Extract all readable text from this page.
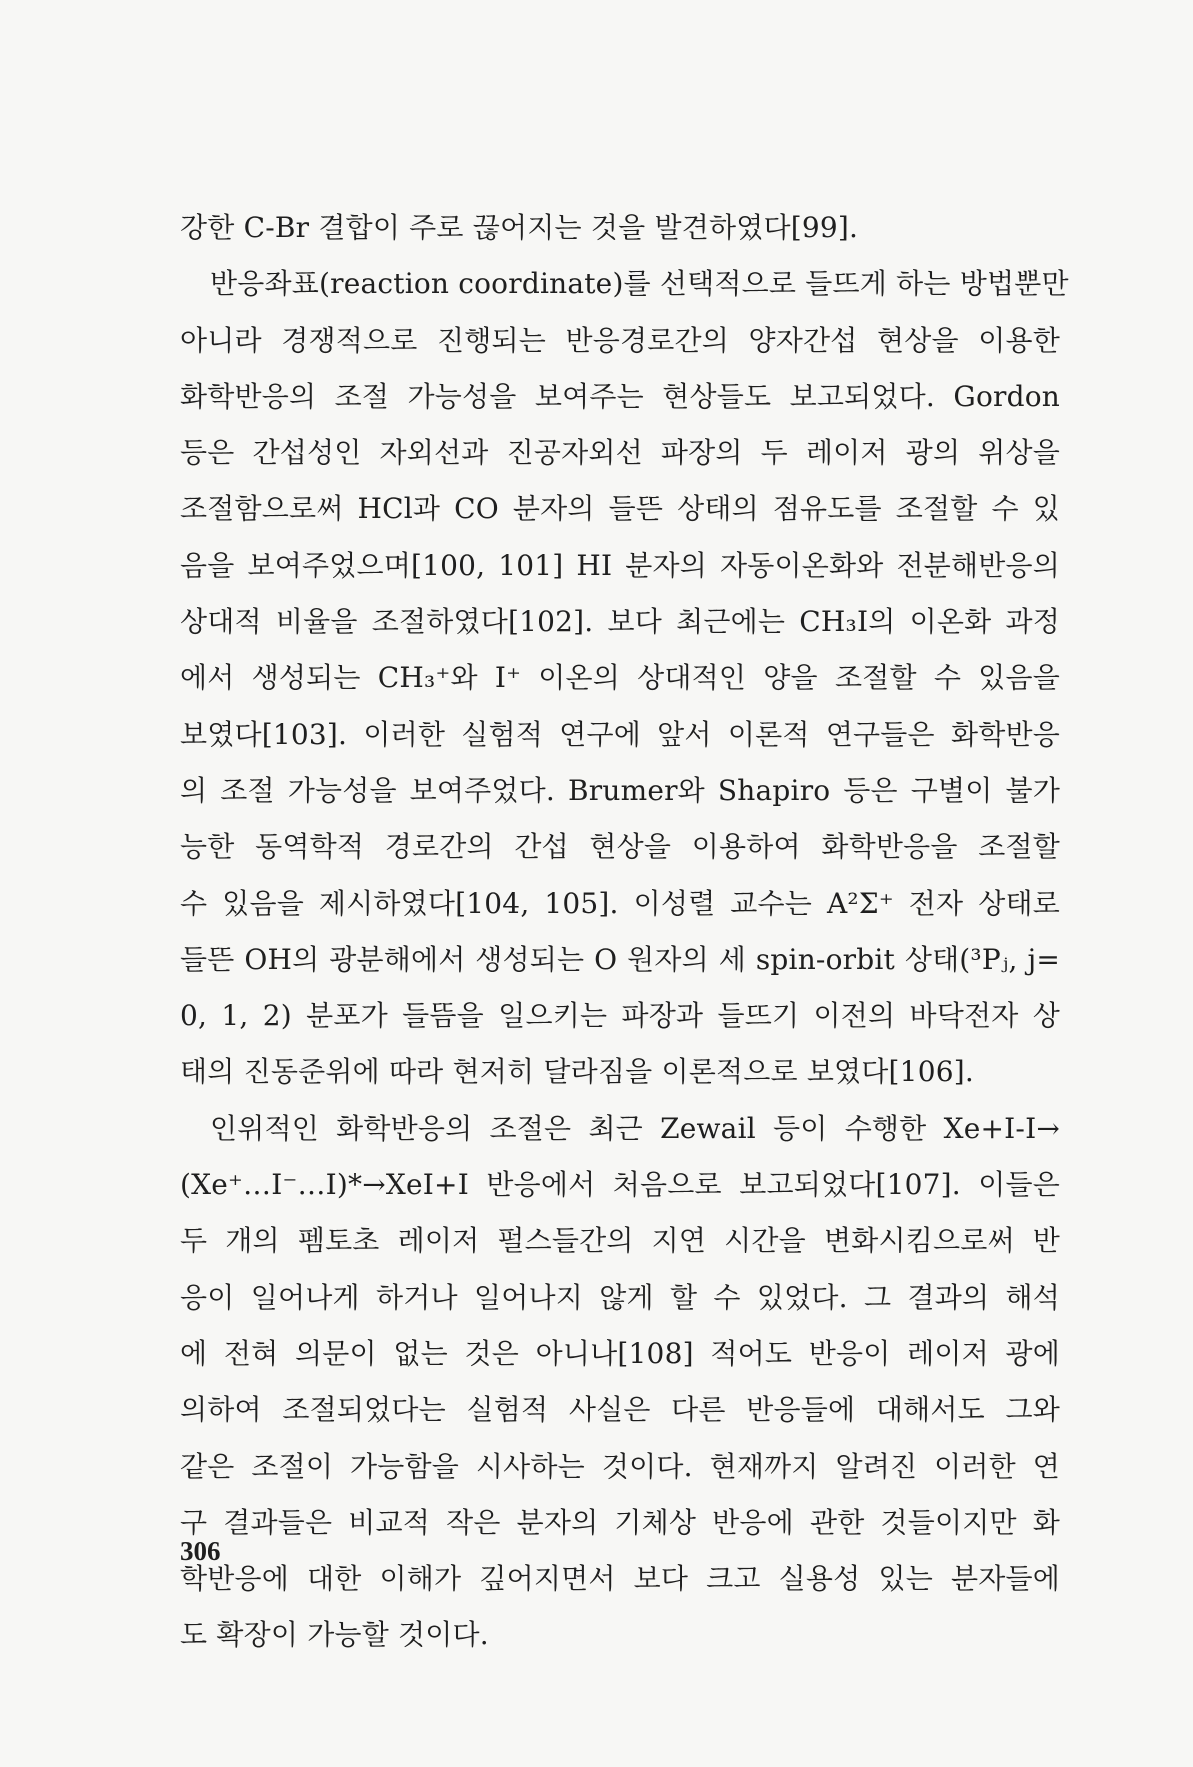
강한 C-Br 결합이 주로 끊어지는 것을 발견하였다[99].
반응좌표(reaction coordinate)를 선택적으로 들뜨게 하는 방법뿐만
아니라 경쟁적으로 진행되는 반응경로간의 양자간섭 현상을 이용한
화학반응의 조절 가능성을 보여주는 현상들도 보고되었다. Gordon
등은 간섭성인 자외선과 진공자외선 파장의 두 레이저 광의 위상을
조절함으로써 HCl과 CO 분자의 들뜬 상태의 점유도를 조절할 수 있
음을 보여주었으며[100, 101] HI 분자의 자동이온화와 전분해반응의
상대적 비율을 조절하였다[102]. 보다 최근에는 CH₃I의 이온화 과정
에서 생성되는 CH₃⁺와 I⁺ 이온의 상대적인 양을 조절할 수 있음을
보였다[103]. 이러한 실험적 연구에 앞서 이론적 연구들은 화학반응
의 조절 가능성을 보여주었다. Brumer와 Shapiro 등은 구별이 불가
능한 동역학적 경로간의 간섭 현상을 이용하여 화학반응을 조절할
수 있음을 제시하였다[104, 105]. 이성렬 교수는 A²Σ⁺ 전자 상태로
들뜬 OH의 광분해에서 생성되는 O 원자의 세 spin-orbit 상태(³Pⱼ, j=
0, 1, 2) 분포가 들뜸을 일으키는 파장과 들뜨기 이전의 바닥전자 상
태의 진동준위에 따라 현저히 달라짐을 이론적으로 보였다[106].
인위적인 화학반응의 조절은 최근 Zewail 등이 수행한 Xe+I-I→
(Xe⁺…I⁻…I)*→XeI+I 반응에서 처음으로 보고되었다[107]. 이들은
두 개의 펨토초 레이저 펄스들간의 지연 시간을 변화시킴으로써 반
응이 일어나게 하거나 일어나지 않게 할 수 있었다. 그 결과의 해석
에 전혀 의문이 없는 것은 아니나[108] 적어도 반응이 레이저 광에
의하여 조절되었다는 실험적 사실은 다른 반응들에 대해서도 그와
같은 조절이 가능함을 시사하는 것이다. 현재까지 알려진 이러한 연
구 결과들은 비교적 작은 분자의 기체상 반응에 관한 것들이지만 화
학반응에 대한 이해가 깊어지면서 보다 크고 실용성 있는 분자들에
도 확장이 가능할 것이다.
306
